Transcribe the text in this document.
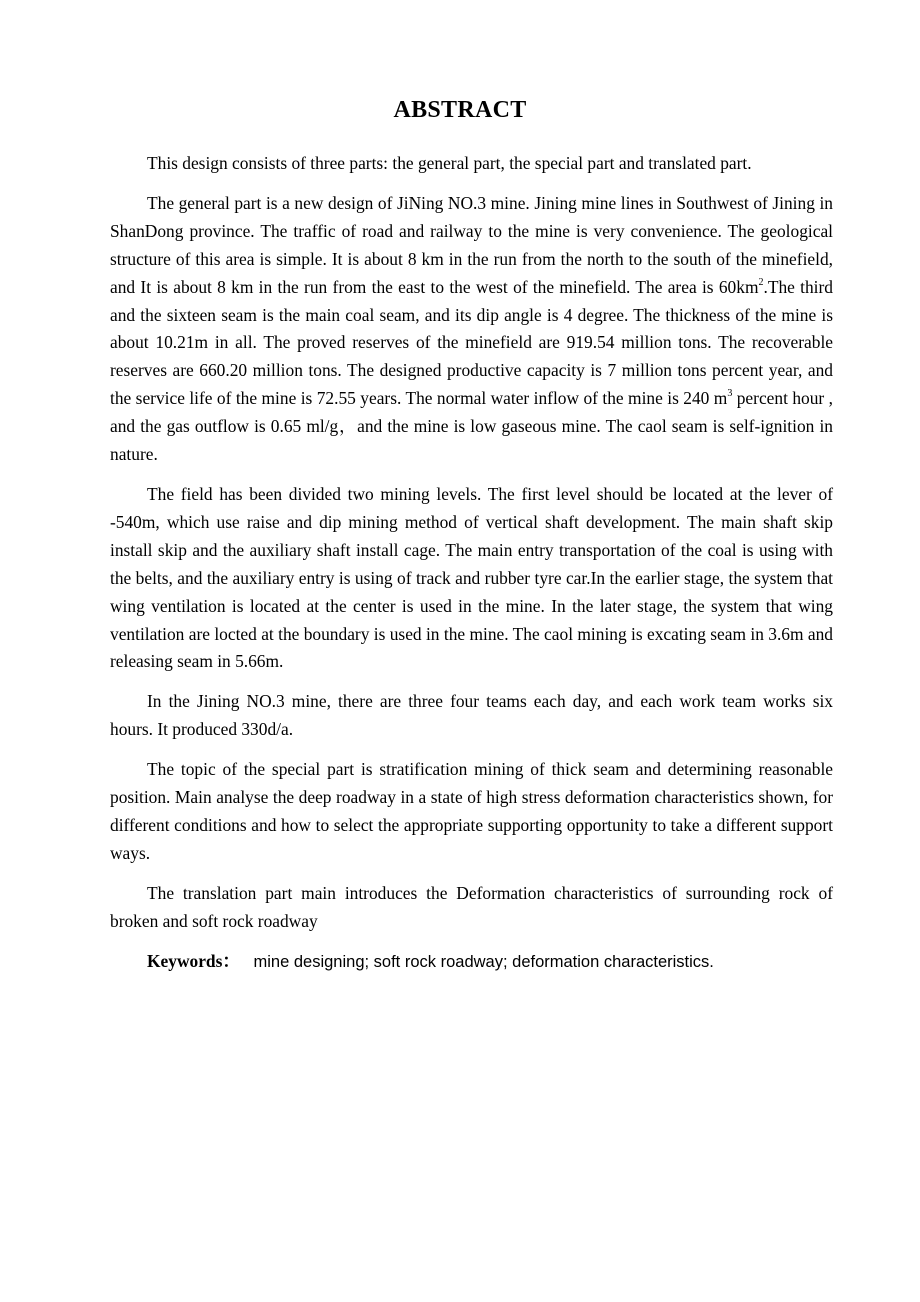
ABSTRACT

This design consists of three parts: the general part, the special part and translated part.

The general part is a new design of JiNing NO.3 mine. Jining mine lines in Southwest of Jining in ShanDong province. The traffic of road and railway to the mine is very convenience. The geological structure of this area is simple. It is about 8 km in the run from the north to the south of the minefield, and It is about 8 km in the run from the east to the west of the minefield. The area is $60km^2.The$ third and the sixteen seam is the main coal seam, and its dip angle is 4 degree. The thickness of the mine is about 10.21m in all. The proved reserves of the minefield are 919.54 million tons. The recoverable reserves are 660.20 million tons. The designed productive capacity is 7 million tons percent year, and the service life of the mine is 72.55 years. The normal water inflow of the mine is 240 $m^3$ percent hour , and the gas outflow is 0.65 ml/g，and the mine is low gaseous mine. The caol seam is self-ignition in nature.

The field has been divided two mining levels. The first level should be located at the lever of -540m, which use raise and dip mining method of vertical shaft development. The main shaft skip install skip and the auxiliary shaft install cage. The main entry transportation of the coal is using with the belts, and the auxiliary entry is using of track and rubber tyre car.In the earlier stage, the system that wing ventilation is located at the center is used in the mine. In the later stage, the system that wing ventilation are locted at the boundary is used in the mine. The caol mining is excating seam in 3.6m and releasing seam in 5.66m.

In the Jining NO.3 mine, there are three four teams each day, and each work team works six hours. It produced 330d/a.

The topic of the special part is stratification mining of thick seam and determining reasonable position. Main analyse the deep roadway in a state of high stress deformation characteristics shown, for different conditions and how to select the appropriate supporting opportunity to take a different support ways.

The translation part main introduces the Deformation characteristics of surrounding rock of broken and soft rock roadway

Keywords： mine designing; soft rock roadway; deformation characteristics.
